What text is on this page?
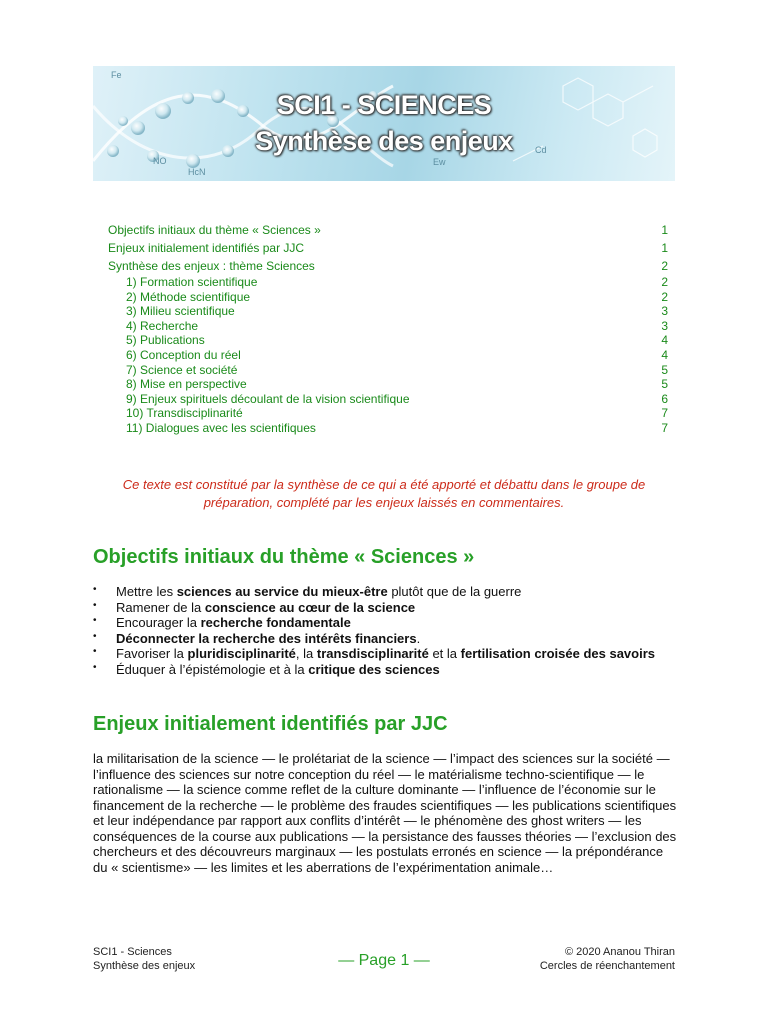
Fe
NO
HcN
Ew
Cd
SCI1 - SCIENCES
Synthèse des enjeux
Objectifs initiaux du thème « Sciences »	1
Enjeux initialement identifiés par JJC	1
Synthèse des enjeux : thème Sciences	2
1) Formation scientifique	2
2) Méthode scientifique	2
3) Milieu scientifique	3
4) Recherche	3
5) Publications	4
6) Conception du réel	4
7) Science et société	5
8) Mise en perspective	5
9) Enjeux spirituels découlant de la vision scientifique	6
10) Transdisciplinarité	7
11) Dialogues avec les scientifiques	7
Ce texte est constitué par la synthèse de ce qui a été apporté et débattu dans le groupe de préparation, complété par les enjeux laissés en commentaires.
Objectifs initiaux du thème « Sciences »
• Mettre les sciences au service du mieux-être plutôt que de la guerre
• Ramener de la conscience au cœur de la science
• Encourager la recherche fondamentale
• Déconnecter la recherche des intérêts financiers.
• Favoriser la pluridisciplinarité, la transdisciplinarité et la fertilisation croisée des savoirs
• Éduquer à l’épistémologie et à la critique des sciences
Enjeux initialement identifiés par JJC
la militarisation de la science — le prolétariat de la science — l’impact des sciences sur la société — l’influence des sciences sur notre conception du réel — le matérialisme techno-scientifique — le rationalisme — la science comme reflet de la culture dominante — l’influence de l’économie sur le financement de la recherche — le problème des fraudes scientifiques — les publications scientifiques et leur indépendance par rapport aux conflits d’intérêt — le phénomène des ghost writers — les conséquences de la course aux publications — la persistance des fausses théories — l’exclusion des chercheurs et des découvreurs marginaux — les postulats erronés en science — la prépondérance du « scientisme» — les limites et les aberrations de l’expérimentation animale…
SCI1 - Sciences
Synthèse des enjeux	— Page 1 —	© 2020 Ananou Thiran
Cercles de réenchantement
